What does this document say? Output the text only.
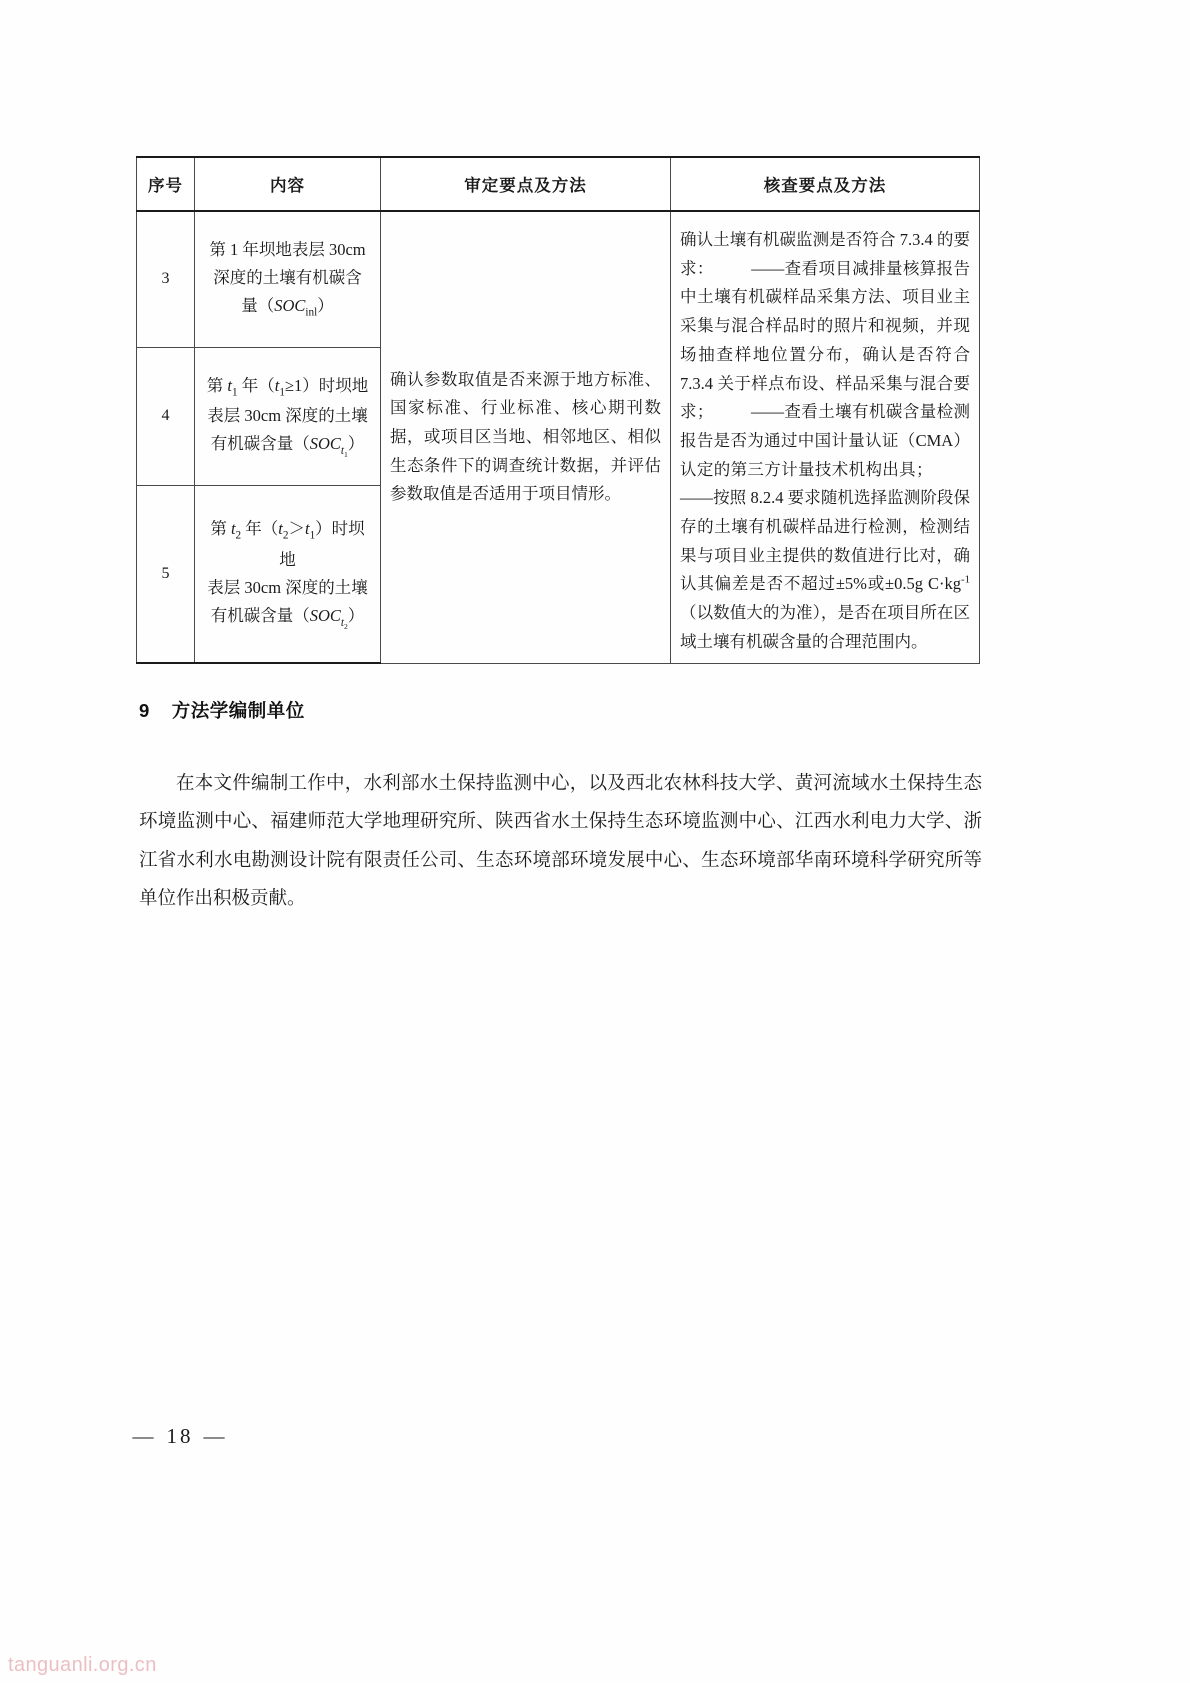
序号	内容	审定要点及方法	核查要点及方法
3	第 1 年坝地表层 30cm
深度的土壤有机碳含
量$(SOC_{inl})$	确认参数取值是否来源于地方标准、国家标准、行业标准、核心期刊数据，或项目区当地、相邻地区、相似生态条件下的调查统计数据，并评估参数取值是否适用于项目情形。	确认土壤有机碳监测是否符合 7.3.4 的要求： ——查看项目减排量核算报告中土壤有机碳样品采集方法、项目业主采集与混合样品时的照片和视频，并现场抽查样地位置分布，确认是否符合 7.3.4 关于样点布设、样品采集与混合要求； ——查看土壤有机碳含量检测报告是否为通过中国计量认证（CMA）认定的第三方计量技术机构出具； ——按照 8.2.4 要求随机选择监测阶段保存的土壤有机碳样品进行检测，检测结果与项目业主提供的数值进行比对，确认其偏差是否不超过±5%或±0.5g $C\cdot kg^{-1}$（以数值大的为准），是否在项目所在区域土壤有机碳含量的合理范围内。
4	第 $t_1$ 年$(t_1\ge 1)$时坝地
表层 30cm 深度的土壤
有机碳含量$(SOC_{t_1})$		
5	第 $t_2$ 年$(t_2>t_1)$时坝地
表层 30cm 深度的土壤
有机碳含量$(SOC_{t_2})$		
9 方法学编制单位
在本文件编制工作中，水利部水土保持监测中心，以及西北农林科技大学、黄河流域水土保持生态环境监测中心、福建师范大学地理研究所、陕西省水土保持生态环境监测中心、江西水利电力大学、浙江省水利水电勘测设计院有限责任公司、生态环境部环境发展中心、生态环境部华南环境科学研究所等单位作出积极贡献。
— 18 —
tanguanli.org.cn
